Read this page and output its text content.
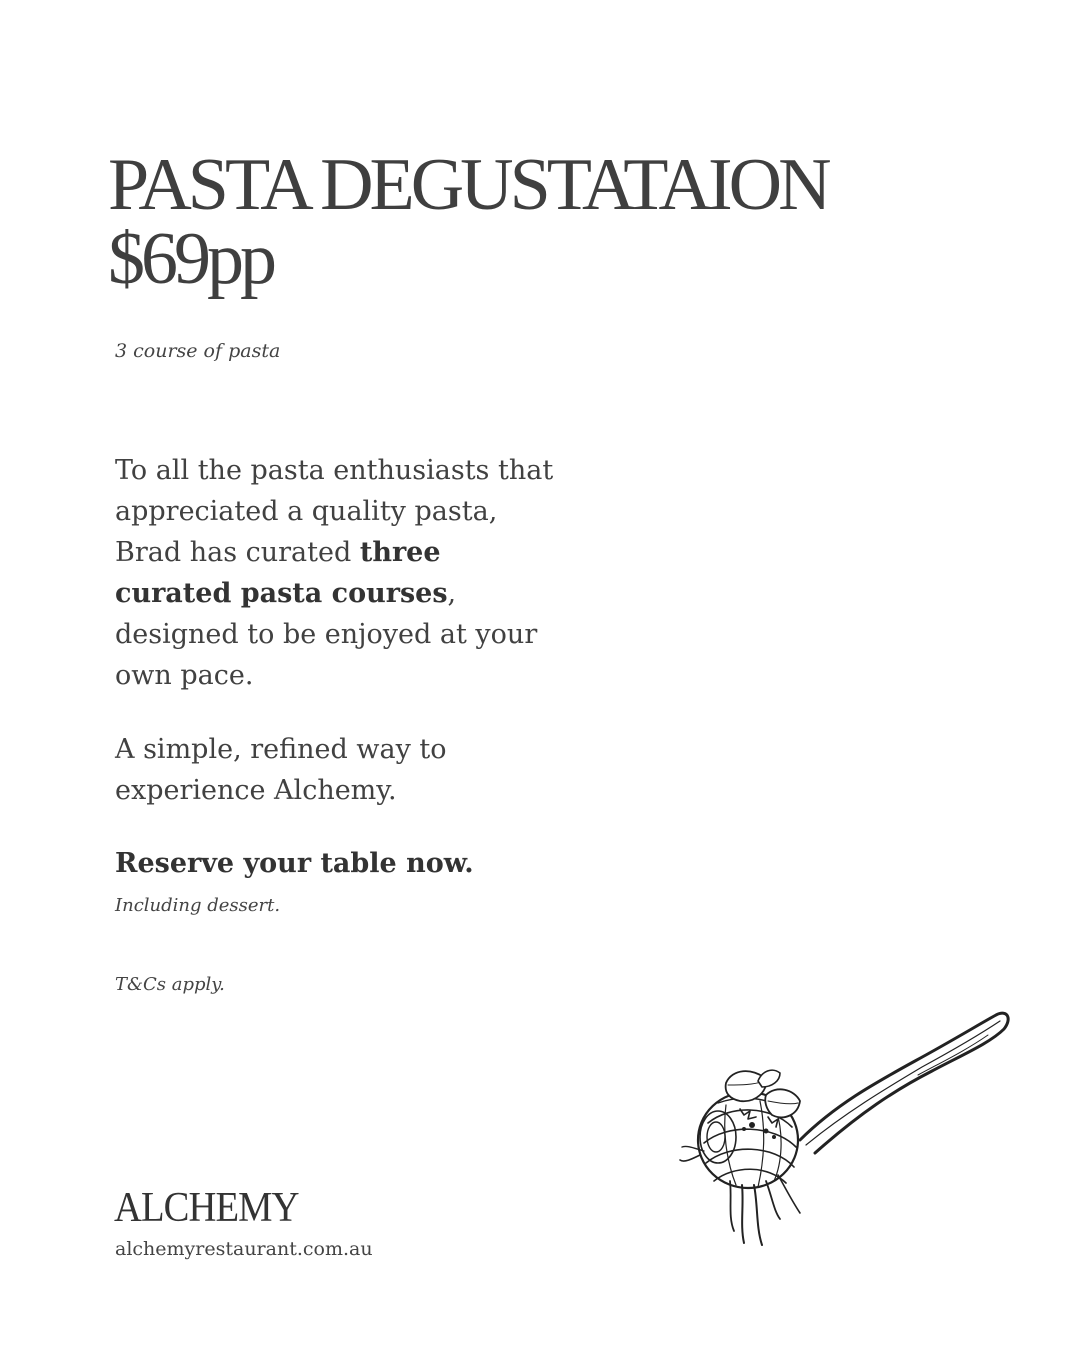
PASTA DEGUSTATAION
$69pp

3 course of pasta

To all the pasta enthusiasts that appreciated a quality pasta, Brad has curated three curated pasta courses, designed to be enjoyed at your own pace.

A simple, refined way to experience Alchemy.

Reserve your table now.

Including dessert.

T&Cs apply.

ALCHEMY

alchemyrestaurant.com.au
